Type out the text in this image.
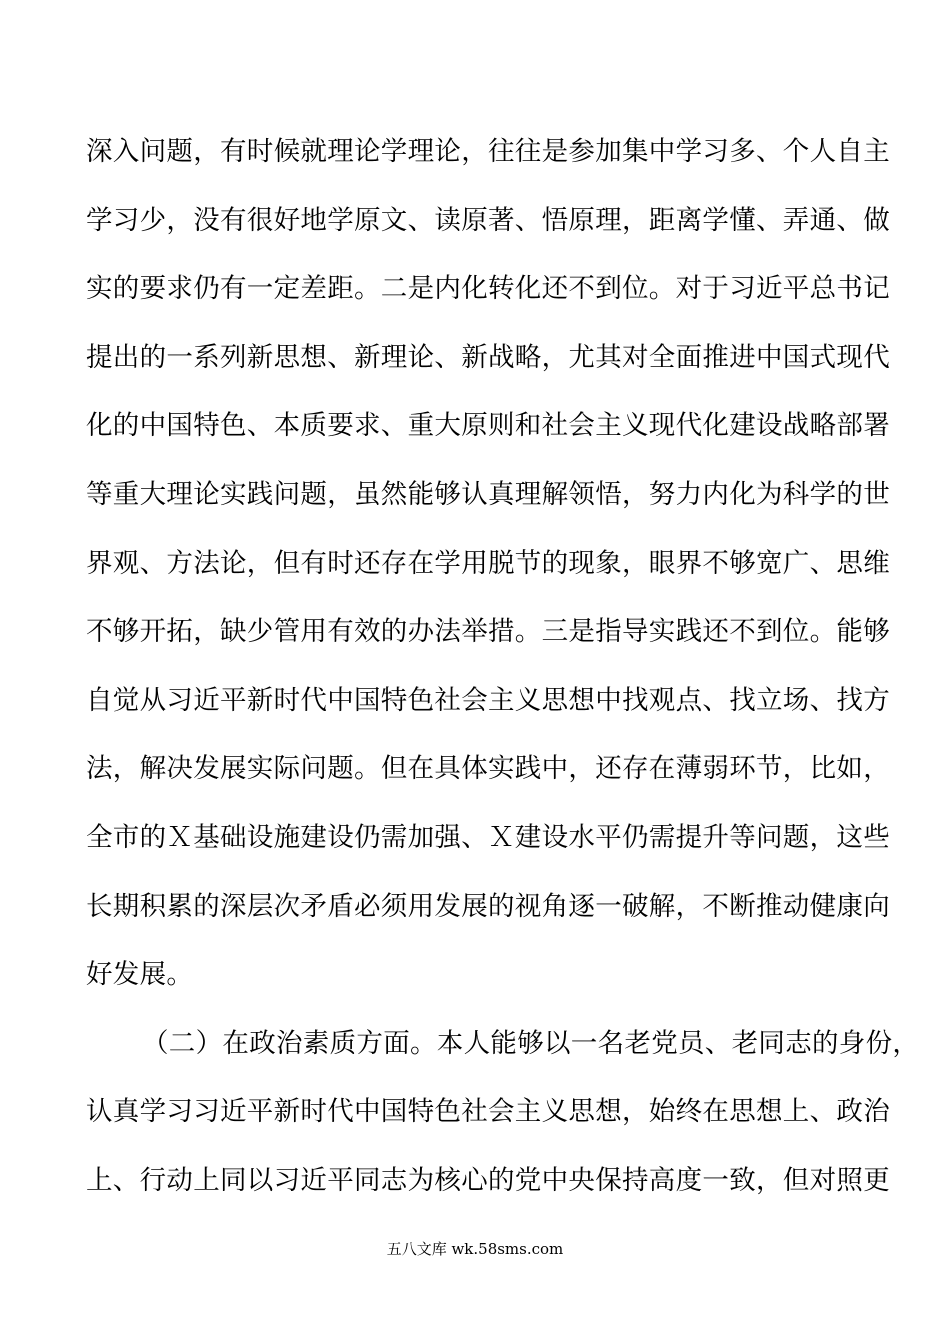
深入问题，有时候就理论学理论，往往是参加集中学习多、个人自主
学习少，没有很好地学原文、读原著、悟原理，距离学懂、弄通、做
实的要求仍有一定差距。二是内化转化还不到位。对于习近平总书记
提出的一系列新思想、新理论、新战略，尤其对全面推进中国式现代
化的中国特色、本质要求、重大原则和社会主义现代化建设战略部署
等重大理论实践问题，虽然能够认真理解领悟，努力内化为科学的世
界观、方法论，但有时还存在学用脱节的现象，眼界不够宽广、思维
不够开拓，缺少管用有效的办法举措。三是指导实践还不到位。能够
自觉从习近平新时代中国特色社会主义思想中找观点、找立场、找方
法，解决发展实际问题。但在具体实践中，还存在薄弱环节，比如，
全市的Ｘ基础设施建设仍需加强、Ｘ建设水平仍需提升等问题，这些
长期积累的深层次矛盾必须用发展的视角逐一破解，不断推动健康向
好发展。
（二）在政治素质方面。本人能够以一名老党员、老同志的身份，
认真学习习近平新时代中国特色社会主义思想，始终在思想上、政治
上、行动上同以习近平同志为核心的党中央保持高度一致，但对照更
五八文库 wk.58sms.com
